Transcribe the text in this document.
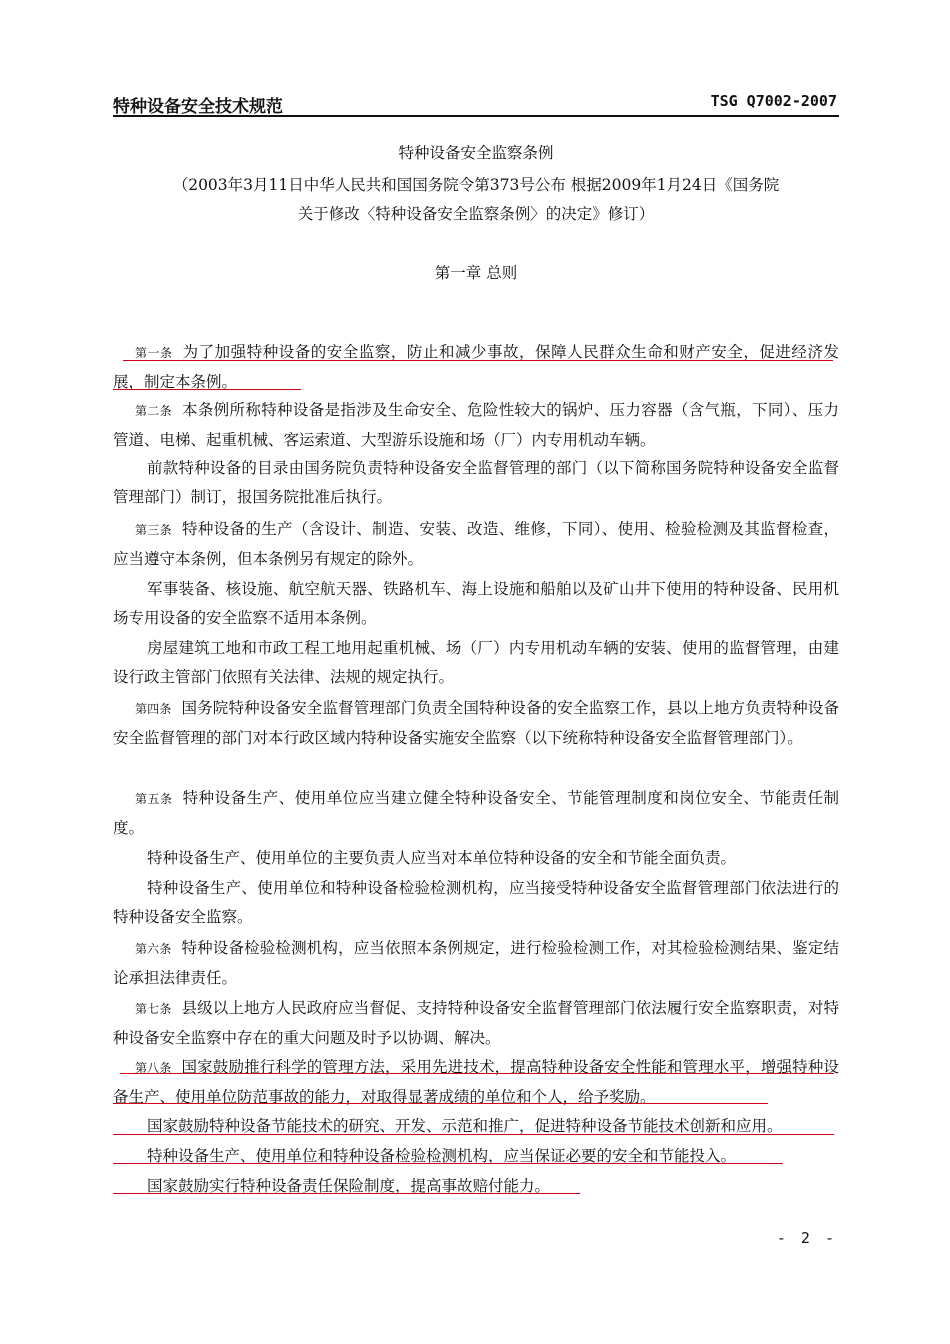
特种设备安全技术规范	TSG Q7002-2007
特种设备安全监察条例
（2003年3月11日中华人民共和国国务院令第373号公布 根据2009年1月24日《国务院
关于修改〈特种设备安全监察条例〉的决定》修订）
第一章 总则

第一条 为了加强特种设备的安全监察，防止和减少事故，保障人民群众生命和财产安全，促进经济发展，制定本条例。

第二条 本条例所称特种设备是指涉及生命安全、危险性较大的锅炉、压力容器（含气瓶，下同）、压力管道、电梯、起重机械、客运索道、大型游乐设施和场（厂）内专用机动车辆。

前款特种设备的目录由国务院负责特种设备安全监督管理的部门（以下简称国务院特种设备安全监督管理部门）制订，报国务院批准后执行。

第三条 特种设备的生产（含设计、制造、安装、改造、维修，下同）、使用、检验检测及其监督检查，应当遵守本条例，但本条例另有规定的除外。

军事装备、核设施、航空航天器、铁路机车、海上设施和船舶以及矿山井下使用的特种设备、民用机场专用设备的安全监察不适用本条例。

房屋建筑工地和市政工程工地用起重机械、场（厂）内专用机动车辆的安装、使用的监督管理，由建设行政主管部门依照有关法律、法规的规定执行。

第四条 国务院特种设备安全监督管理部门负责全国特种设备的安全监察工作，县以上地方负责特种设备安全监督管理的部门对本行政区域内特种设备实施安全监察（以下统称特种设备安全监督管理部门）。

第五条 特种设备生产、使用单位应当建立健全特种设备安全、节能管理制度和岗位安全、节能责任制度。

特种设备生产、使用单位的主要负责人应当对本单位特种设备的安全和节能全面负责。

特种设备生产、使用单位和特种设备检验检测机构，应当接受特种设备安全监督管理部门依法进行的特种设备安全监察。

第六条 特种设备检验检测机构，应当依照本条例规定，进行检验检测工作，对其检验检测结果、鉴定结论承担法律责任。

第七条 县级以上地方人民政府应当督促、支持特种设备安全监督管理部门依法履行安全监察职责，对特种设备安全监察中存在的重大问题及时予以协调、解决。

第八条 国家鼓励推行科学的管理方法，采用先进技术，提高特种设备安全性能和管理水平，增强特种设备生产、使用单位防范事故的能力，对取得显著成绩的单位和个人，给予奖励。

国家鼓励特种设备节能技术的研究、开发、示范和推广，促进特种设备节能技术创新和应用。

特种设备生产、使用单位和特种设备检验检测机构，应当保证必要的安全和节能投入。

国家鼓励实行特种设备责任保险制度，提高事故赔付能力。

- 2 -
